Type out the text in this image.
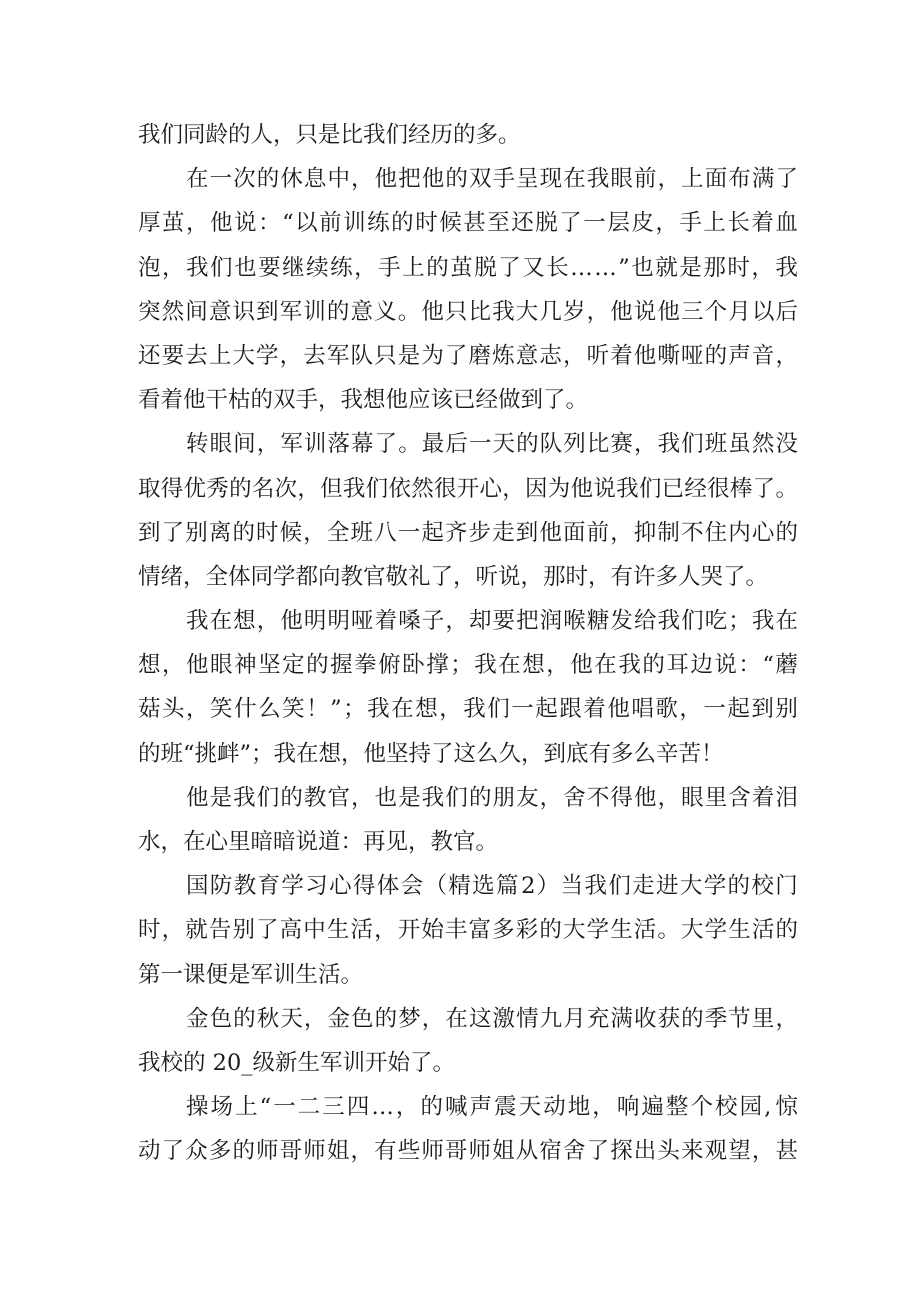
我们同龄的人，只是比我们经历的多。
在 一 次 的 休 息 中 ， 他 把 他 的 双 手 呈 现 在 我 眼 前 ， 上 面 布 满 了
厚 茧 ， 他 说 ： “ 以 前 训 练 的 时 候 甚 至 还 脱 了 一 层 皮 ， 手 上 长 着 血
泡 ， 我 们 也 要 继 续 练 ， 手 上 的 茧 脱 了 又 长 … … ” 也 就 是 那 时 ， 我
突 然 间 意 识 到 军 训 的 意 义 。 他 只 比 我 大 几 岁 ， 他 说 他 三 个 月 以 后
还 要 去 上 大 学 ， 去 军 队 只 是 为 了 磨 炼 意 志 ， 听 着 他 嘶 哑 的 声 音 ，
看着他干枯的双手，我想他应该已经做到了。
转 眼 间 ， 军 训 落 幕 了 。 最 后 一 天 的 队 列 比 赛 ， 我 们 班 虽 然 没
取 得 优 秀 的 名 次 ， 但 我 们 依 然 很 开 心 ， 因 为 他 说 我 们 已 经 很 棒 了 。
到 了 别 离 的 时 候 ， 全 班 八 一 起 齐 步 走 到 他 面 前 ， 抑 制 不 住 内 心 的
情绪，全体同学都向教官敬礼了，听说，那时，有许多人哭了。
我 在 想 ， 他 明 明 哑 着 嗓 子 ， 却 要 把 润 喉 糖 发 给 我 们 吃 ； 我 在
想 ， 他 眼 神 坚 定 的 握 拳 俯 卧 撑 ； 我 在 想 ， 他 在 我 的 耳 边 说 ： “ 蘑
菇 头 ， 笑 什 么 笑 ！ ” ； 我 在 想 ， 我 们 一 起 跟 着 他 唱 歌 ， 一 起 到 别
的班“挑衅”；我在想，他坚持了这么久，到底有多么辛苦！
他 是 我 们 的 教 官 ， 也 是 我 们 的 朋 友 ， 舍 不 得 他 ， 眼 里 含 着 泪
水，在心里暗暗说道：再见，教官。
国 防 教 育 学 习 心 得 体 会 （ 精 选 篇 2 ） 当 我 们 走 进 大 学 的 校 门
时 ， 就 告 别 了 高 中 生 活 ， 开 始 丰 富 多 彩 的 大 学 生 活 。 大 学 生 活 的
第一课便是军训生活。
金 色 的 秋 天 ， 金 色 的 梦 ， 在 这 激 情 九 月 充 满 收 获 的 季 节 里 ，
我校的 20_级新生军训开始了。
操 场 上 “ 一 二 三 四 … ， 的 喊 声 震 天 动 地 ， 响 遍 整 个 校 园 , 惊
动 了 众 多 的 师 哥 师 姐 ， 有 些 师 哥 师 姐 从 宿 舍 了 探 出 头 来 观 望 ， 甚
